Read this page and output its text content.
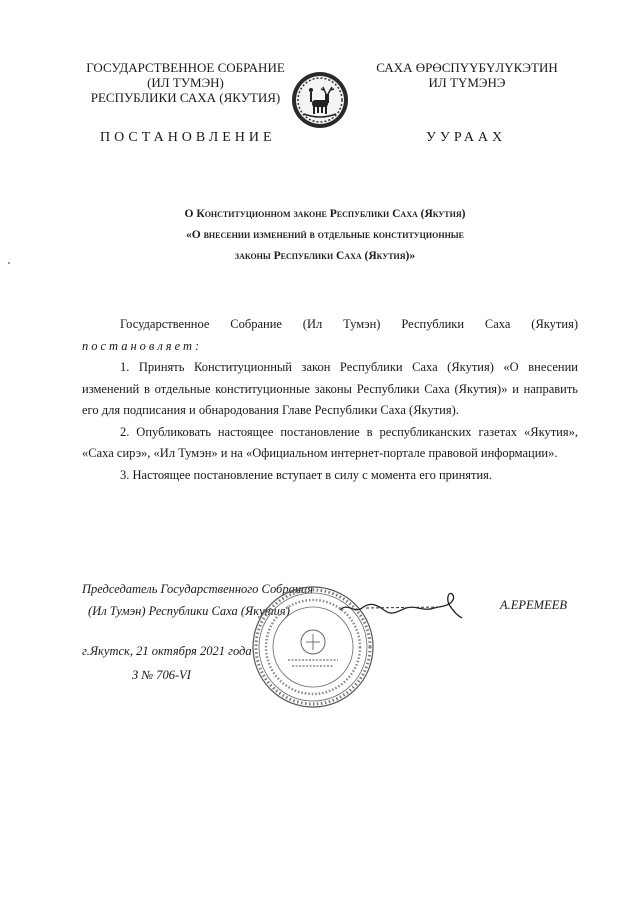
ГОСУДАРСТВЕННОЕ СОБРАНИЕ
(ИЛ ТУМЭН)
РЕСПУБЛИКИ САХА (ЯКУТИЯ)
САХА ӨРӨСПҮҮБҮЛҮКЭТИН
ИЛ ТҮМЭНЭ
ПОСТАНОВЛЕНИЕ	УУРААХ
О Конституционном законе Республики Саха (Якутия)
«О внесении изменений в отдельные конституционные
законы Республики Саха (Якутия)»

Государственное Собрание (Ил Тумэн) Республики Саха (Якутия)

постановляет:

1. Принять Конституционный закон Республики Саха (Якутия) «О внесении изменений в отдельные конституционные законы Республики Саха (Якутия)» и направить его для подписания и обнародования Главе Республики Саха (Якутия).

2. Опубликовать настоящее постановление в республиканских газетах «Якутия», «Саха сирэ», «Ил Тумэн» и на «Официальном интернет-портале правовой информации».

3. Настоящее постановление вступает в силу с момента его принятия.

Председатель Государственного Собрания
(Ил Тумэн) Республики Саха (Якутия)	А.ЕРЕМЕЕВ
г.Якутск, 21 октября 2021 года
З № 706-VI
